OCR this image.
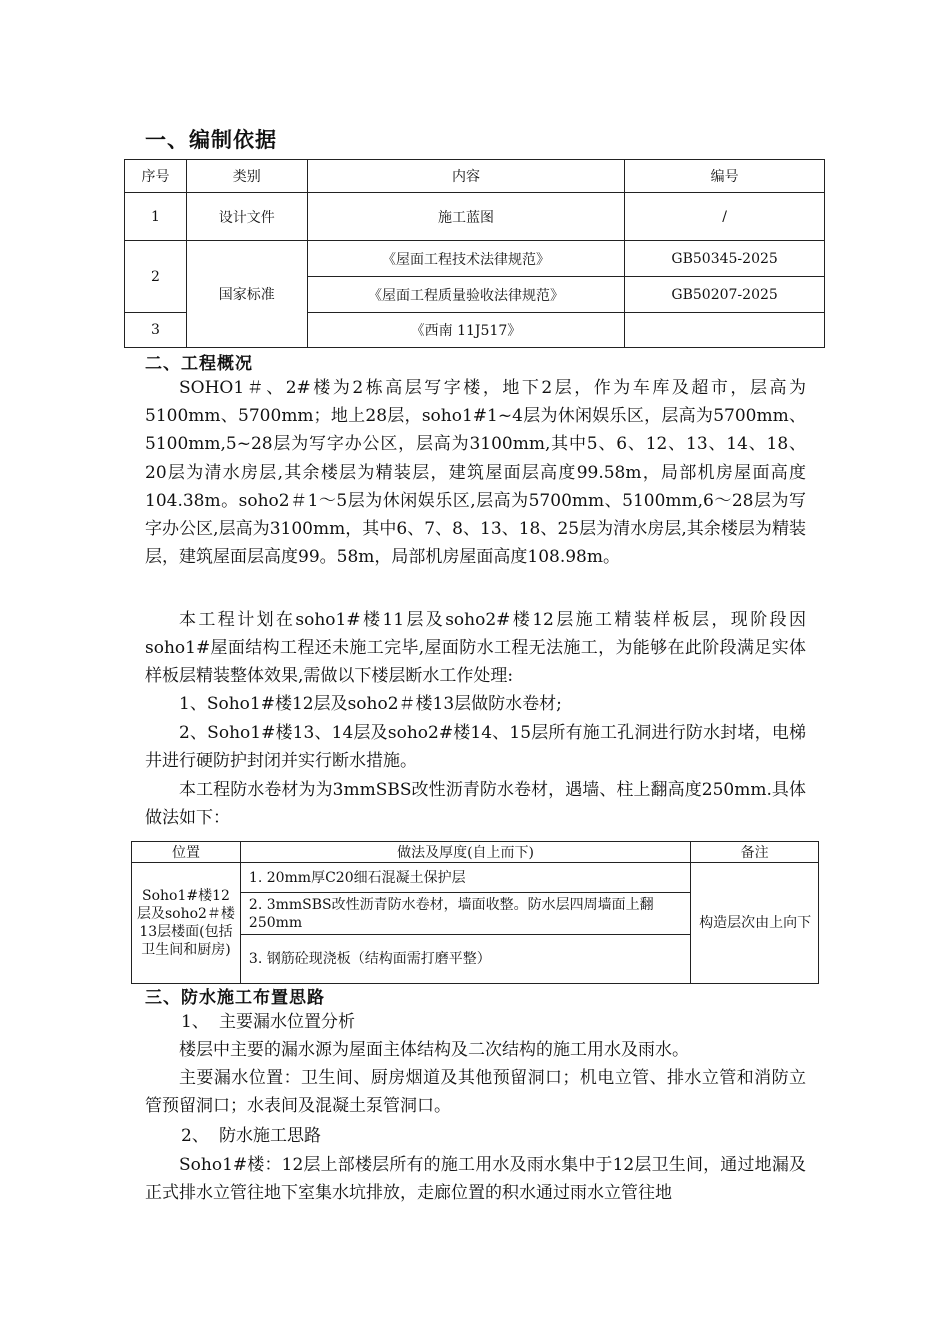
一、编制依据
序号	类别	内容	编号
1	设计文件	施工蓝图	/
2	国家标准	《屋面工程技术法律规范》	GB50345-2025
		《屋面工程质量验收法律规范》	GB50207-2025
3		《西南 11J517》	
二、工程概况

SOHO1＃、2#楼为2栋高层写字楼，地下2层，作为车库及超市，层高为5100mm、5700mm；地上28层，soho1#1~4层为休闲娱乐区，层高为5700mm、5100mm,5~28层为写字办公区，层高为3100mm,其中5、6、12、13、14、18、20层为清水房层,其余楼层为精装层，建筑屋面层高度99.58m，局部机房屋面高度104.38m。soho2＃1～5层为休闲娱乐区,层高为5700mm、5100mm,6～28层为写字办公区,层高为3100mm，其中6、7、8、13、18、25层为清水房层,其余楼层为精装层，建筑屋面层高度99。58m，局部机房屋面高度108.98m。

本工程计划在soho1#楼11层及soho2#楼12层施工精装样板层，现阶段因soho1#屋面结构工程还未施工完毕,屋面防水工程无法施工，为能够在此阶段满足实体样板层精装整体效果,需做以下楼层断水工作处理:

1、Soho1#楼12层及soho2＃楼13层做防水卷材;

2、Soho1#楼13、14层及soho2#楼14、15层所有施工孔洞进行防水封堵，电梯井进行硬防护封闭并实行断水措施。

本工程防水卷材为为3mmSBS改性沥青防水卷材，遇墙、柱上翻高度250mm.具体做法如下：

位置	做法及厚度(自上而下)	备注
Soho1#楼12层及soho2＃楼13层楼面(包括卫生间和厨房)	1. 20mm厚C20细石混凝土保护层	构造层次由上向下
	2. 3mmSBS改性沥青防水卷材，墙面收整。防水层四周墙面上翻250mm	
	3. 钢筋砼现浇板（结构面需打磨平整）	
三、防水施工布置思路
1、 主要漏水位置分析

楼层中主要的漏水源为屋面主体结构及二次结构的施工用水及雨水。

主要漏水位置：卫生间、厨房烟道及其他预留洞口；机电立管、排水立管和消防立管预留洞口；水表间及混凝土泵管洞口。

2、 防水施工思路

Soho1#楼：12层上部楼层所有的施工用水及雨水集中于12层卫生间，通过地漏及正式排水立管往地下室集水坑排放，走廊位置的积水通过雨水立管往地
